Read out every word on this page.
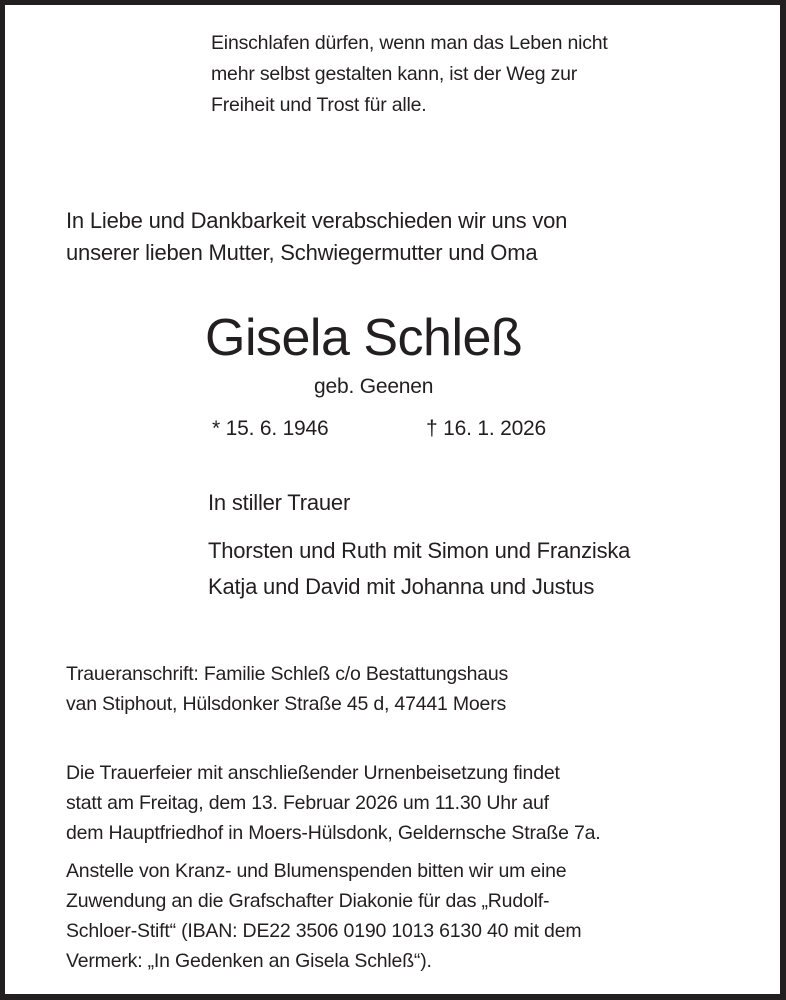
Einschlafen dürfen, wenn man das Leben nicht
mehr selbst gestalten kann, ist der Weg zur
Freiheit und Trost für alle.
In Liebe und Dankbarkeit verabschieden wir uns von
unserer lieben Mutter, Schwiegermutter und Oma
Gisela Schleß
geb. Geenen
* 15. 6. 1946	† 16. 1. 2026
In stiller Trauer
Thorsten und Ruth mit Simon und Franziska
Katja und David mit Johanna und Justus
Traueranschrift: Familie Schleß c/o Bestattungshaus
van Stiphout, Hülsdonker Straße 45 d, 47441 Moers
Die Trauerfeier mit anschließender Urnenbeisetzung findet
statt am Freitag, dem 13. Februar 2026 um 11.30 Uhr auf
dem Hauptfriedhof in Moers-Hülsdonk, Geldernsche Straße 7a.
Anstelle von Kranz- und Blumenspenden bitten wir um eine
Zuwendung an die Grafschafter Diakonie für das „Rudolf-
Schloer-Stift“ (IBAN: DE22 3506 0190 1013 6130 40 mit dem
Vermerk: „In Gedenken an Gisela Schleß“).
